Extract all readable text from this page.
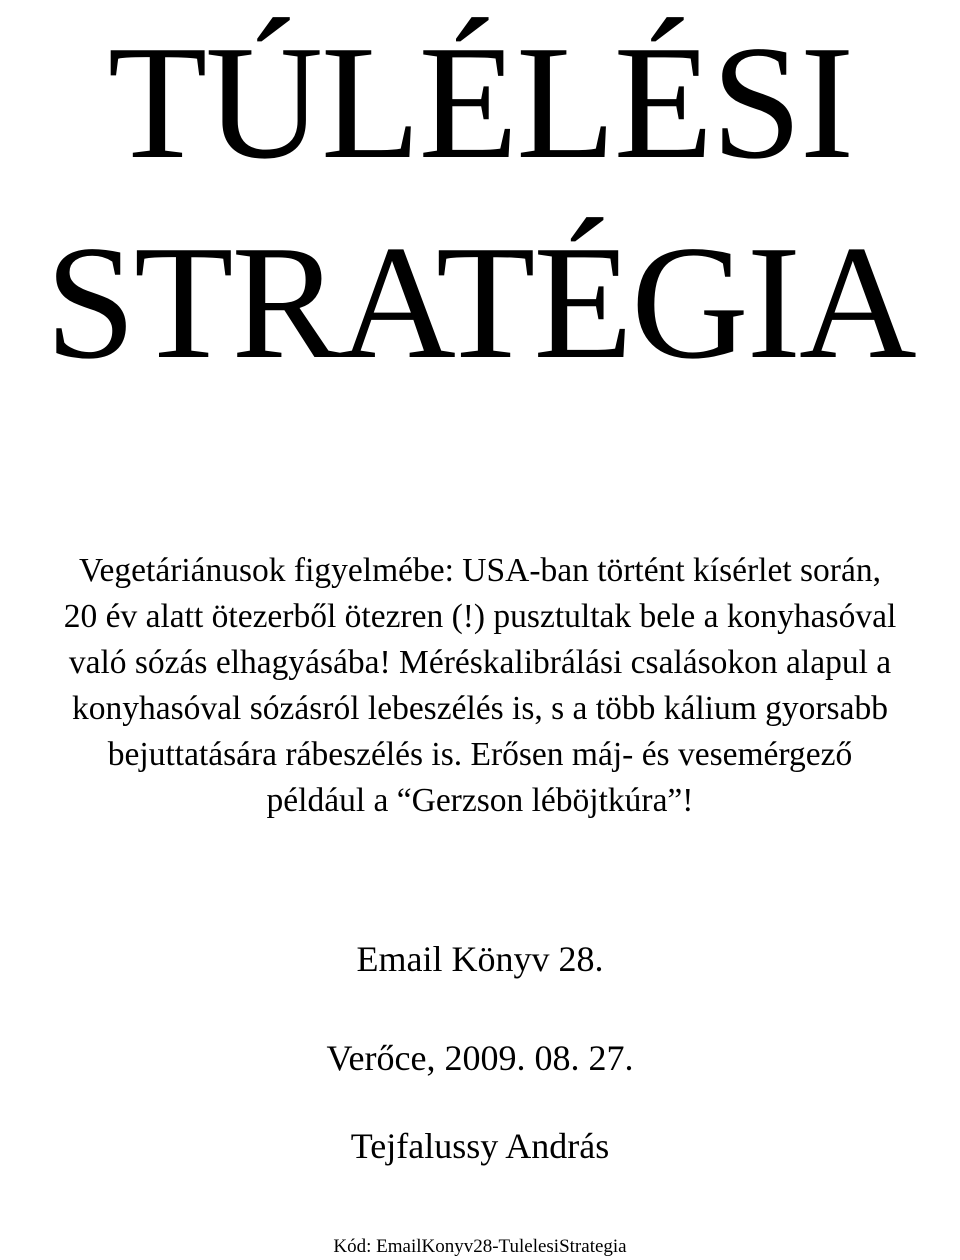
TÚLÉLÉSI
STRATÉGIA

Vegetáriánusok figyelmébe: USA-ban történt kísérlet során,
20 év alatt ötezerből ötezren (!) pusztultak bele a konyhasóval
való sózás elhagyásába! Méréskalibrálási csalásokon alapul a
konyhasóval sózásról lebeszélés is, s a több kálium gyorsabb
bejuttatására rábeszélés is. Erősen máj- és vesemérgező
például a “Gerzson léböjtkúra”!

Email Könyv 28.

Verőce, 2009. 08. 27.

Tejfalussy András

Kód: EmailKonyv28-TulelesiStrategia
